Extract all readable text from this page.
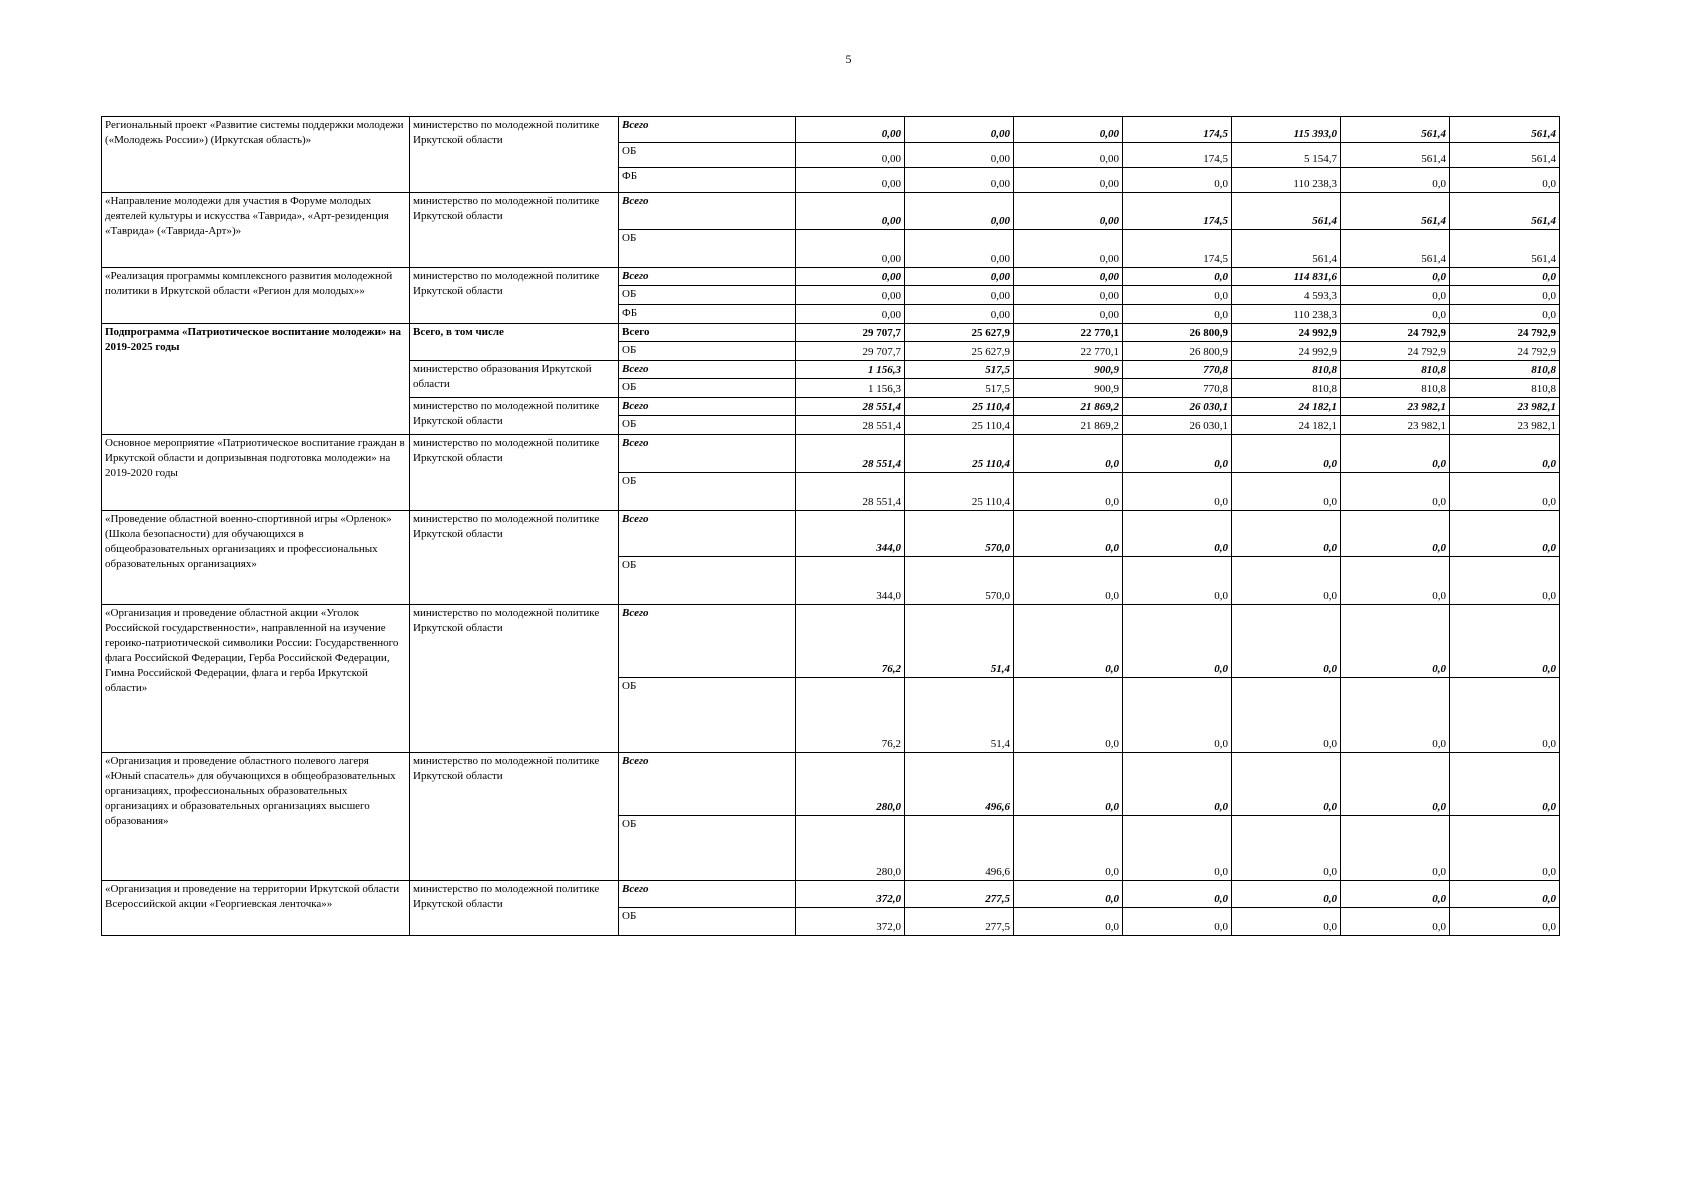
5
Региональный проект «Развитие системы поддержки молодежи («Молодежь России») (Иркутская область)»	министерство по молодежной политике Иркутской области	Всего	0,00	0,00	0,00	174,5	115 393,0	561,4	561,4
		ОБ	0,00	0,00	0,00	174,5	5 154,7	561,4	561,4
		ФБ	0,00	0,00	0,00	0,0	110 238,3	0,0	0,0
«Направление молодежи для участия в Форуме молодых деятелей культуры и искусства «Таврида», «Арт-резиденция «Таврида» («Таврида-Арт»)»	министерство по молодежной политике Иркутской области	Всего	0,00	0,00	0,00	174,5	561,4	561,4	561,4
		ОБ	0,00	0,00	0,00	174,5	561,4	561,4	561,4
«Реализация программы комплексного развития молодежной политики в Иркутской области «Регион для молодых»»	министерство по молодежной политике Иркутской области	Всего	0,00	0,00	0,00	0,0	114 831,6	0,0	0,0
		ОБ	0,00	0,00	0,00	0,0	4 593,3	0,0	0,0
		ФБ	0,00	0,00	0,00	0,0	110 238,3	0,0	0,0
Подпрограмма «Патриотическое воспитание молодежи» на 2019-2025 годы	Всего, в том числе	Всего	29 707,7	25 627,9	22 770,1	26 800,9	24 992,9	24 792,9	24 792,9
		ОБ	29 707,7	25 627,9	22 770,1	26 800,9	24 992,9	24 792,9	24 792,9
	министерство образования Иркутской области	Всего	1 156,3	517,5	900,9	770,8	810,8	810,8	810,8
		ОБ	1 156,3	517,5	900,9	770,8	810,8	810,8	810,8
	министерство по молодежной политике Иркутской области	Всего	28 551,4	25 110,4	21 869,2	26 030,1	24 182,1	23 982,1	23 982,1
		ОБ	28 551,4	25 110,4	21 869,2	26 030,1	24 182,1	23 982,1	23 982,1
Основное мероприятие «Патриотическое воспитание граждан в Иркутской области и допризывная подготовка молодежи» на 2019-2020 годы	министерство по молодежной политике Иркутской области	Всего	28 551,4	25 110,4	0,0	0,0	0,0	0,0	0,0
		ОБ	28 551,4	25 110,4	0,0	0,0	0,0	0,0	0,0
«Проведение областной военно-спортивной игры «Орленок» (Школа безопасности) для обучающихся в общеобразовательных организациях и профессиональных образовательных организациях»	министерство по молодежной политике Иркутской области	Всего	344,0	570,0	0,0	0,0	0,0	0,0	0,0
		ОБ	344,0	570,0	0,0	0,0	0,0	0,0	0,0
«Организация и проведение областной акции «Уголок Российской государственности», направленной на изучение героико-патриотической символики России: Государственного флага Российской Федерации, Герба Российской Федерации, Гимна Российской Федерации, флага и герба Иркутской области»	министерство по молодежной политике Иркутской области	Всего	76,2	51,4	0,0	0,0	0,0	0,0	0,0
		ОБ	76,2	51,4	0,0	0,0	0,0	0,0	0,0
«Организация и проведение областного полевого лагеря «Юный спасатель» для обучающихся в общеобразовательных организациях, профессиональных образовательных организациях и образовательных организациях высшего образования»	министерство по молодежной политике Иркутской области	Всего	280,0	496,6	0,0	0,0	0,0	0,0	0,0
		ОБ	280,0	496,6	0,0	0,0	0,0	0,0	0,0
«Организация и проведение на территории Иркутской области Всероссийской акции «Георгиевская ленточка»»	министерство по молодежной политике Иркутской области	Всего	372,0	277,5	0,0	0,0	0,0	0,0	0,0
		ОБ	372,0	277,5	0,0	0,0	0,0	0,0	0,0
